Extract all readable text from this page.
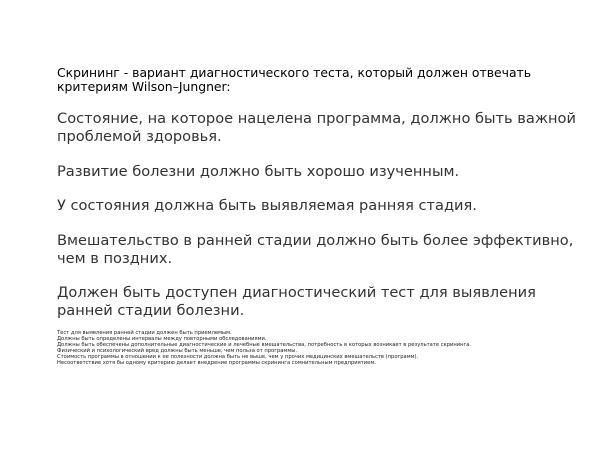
Скрининг - вариант диагностического теста, который должен отвечать
критериям Wilson–Jungner:

Состояние, на которое нацелена программа, должно быть важной проблемой здоровья.

Развитие болезни должно быть хорошо изученным.

У состояния должна быть выявляемая ранняя стадия.

Вмешательство в ранней стадии должно быть более эффективно, чем в поздних.

Должен быть доступен диагностический тест для выявления ранней стадии болезни.

Тест для выявления ранней стадии должен быть приемлемым.
Должны быть определены интервалы между повторными обследованиями.
Должны быть обеспечены дополнительные диагностические и лечебные вмешательства, потребность в которых возникает в результате скрининга.
Физический и психологический вред должны быть меньше, чем польза от программы.
Стоимость программы в отношении к ее полезности должна быть не выше, чем у прочих медицинских вмешательств (программ).
Несоответствие хотя бы одному критерию делает внедрение программы скрининга сомнительным предприятием.
